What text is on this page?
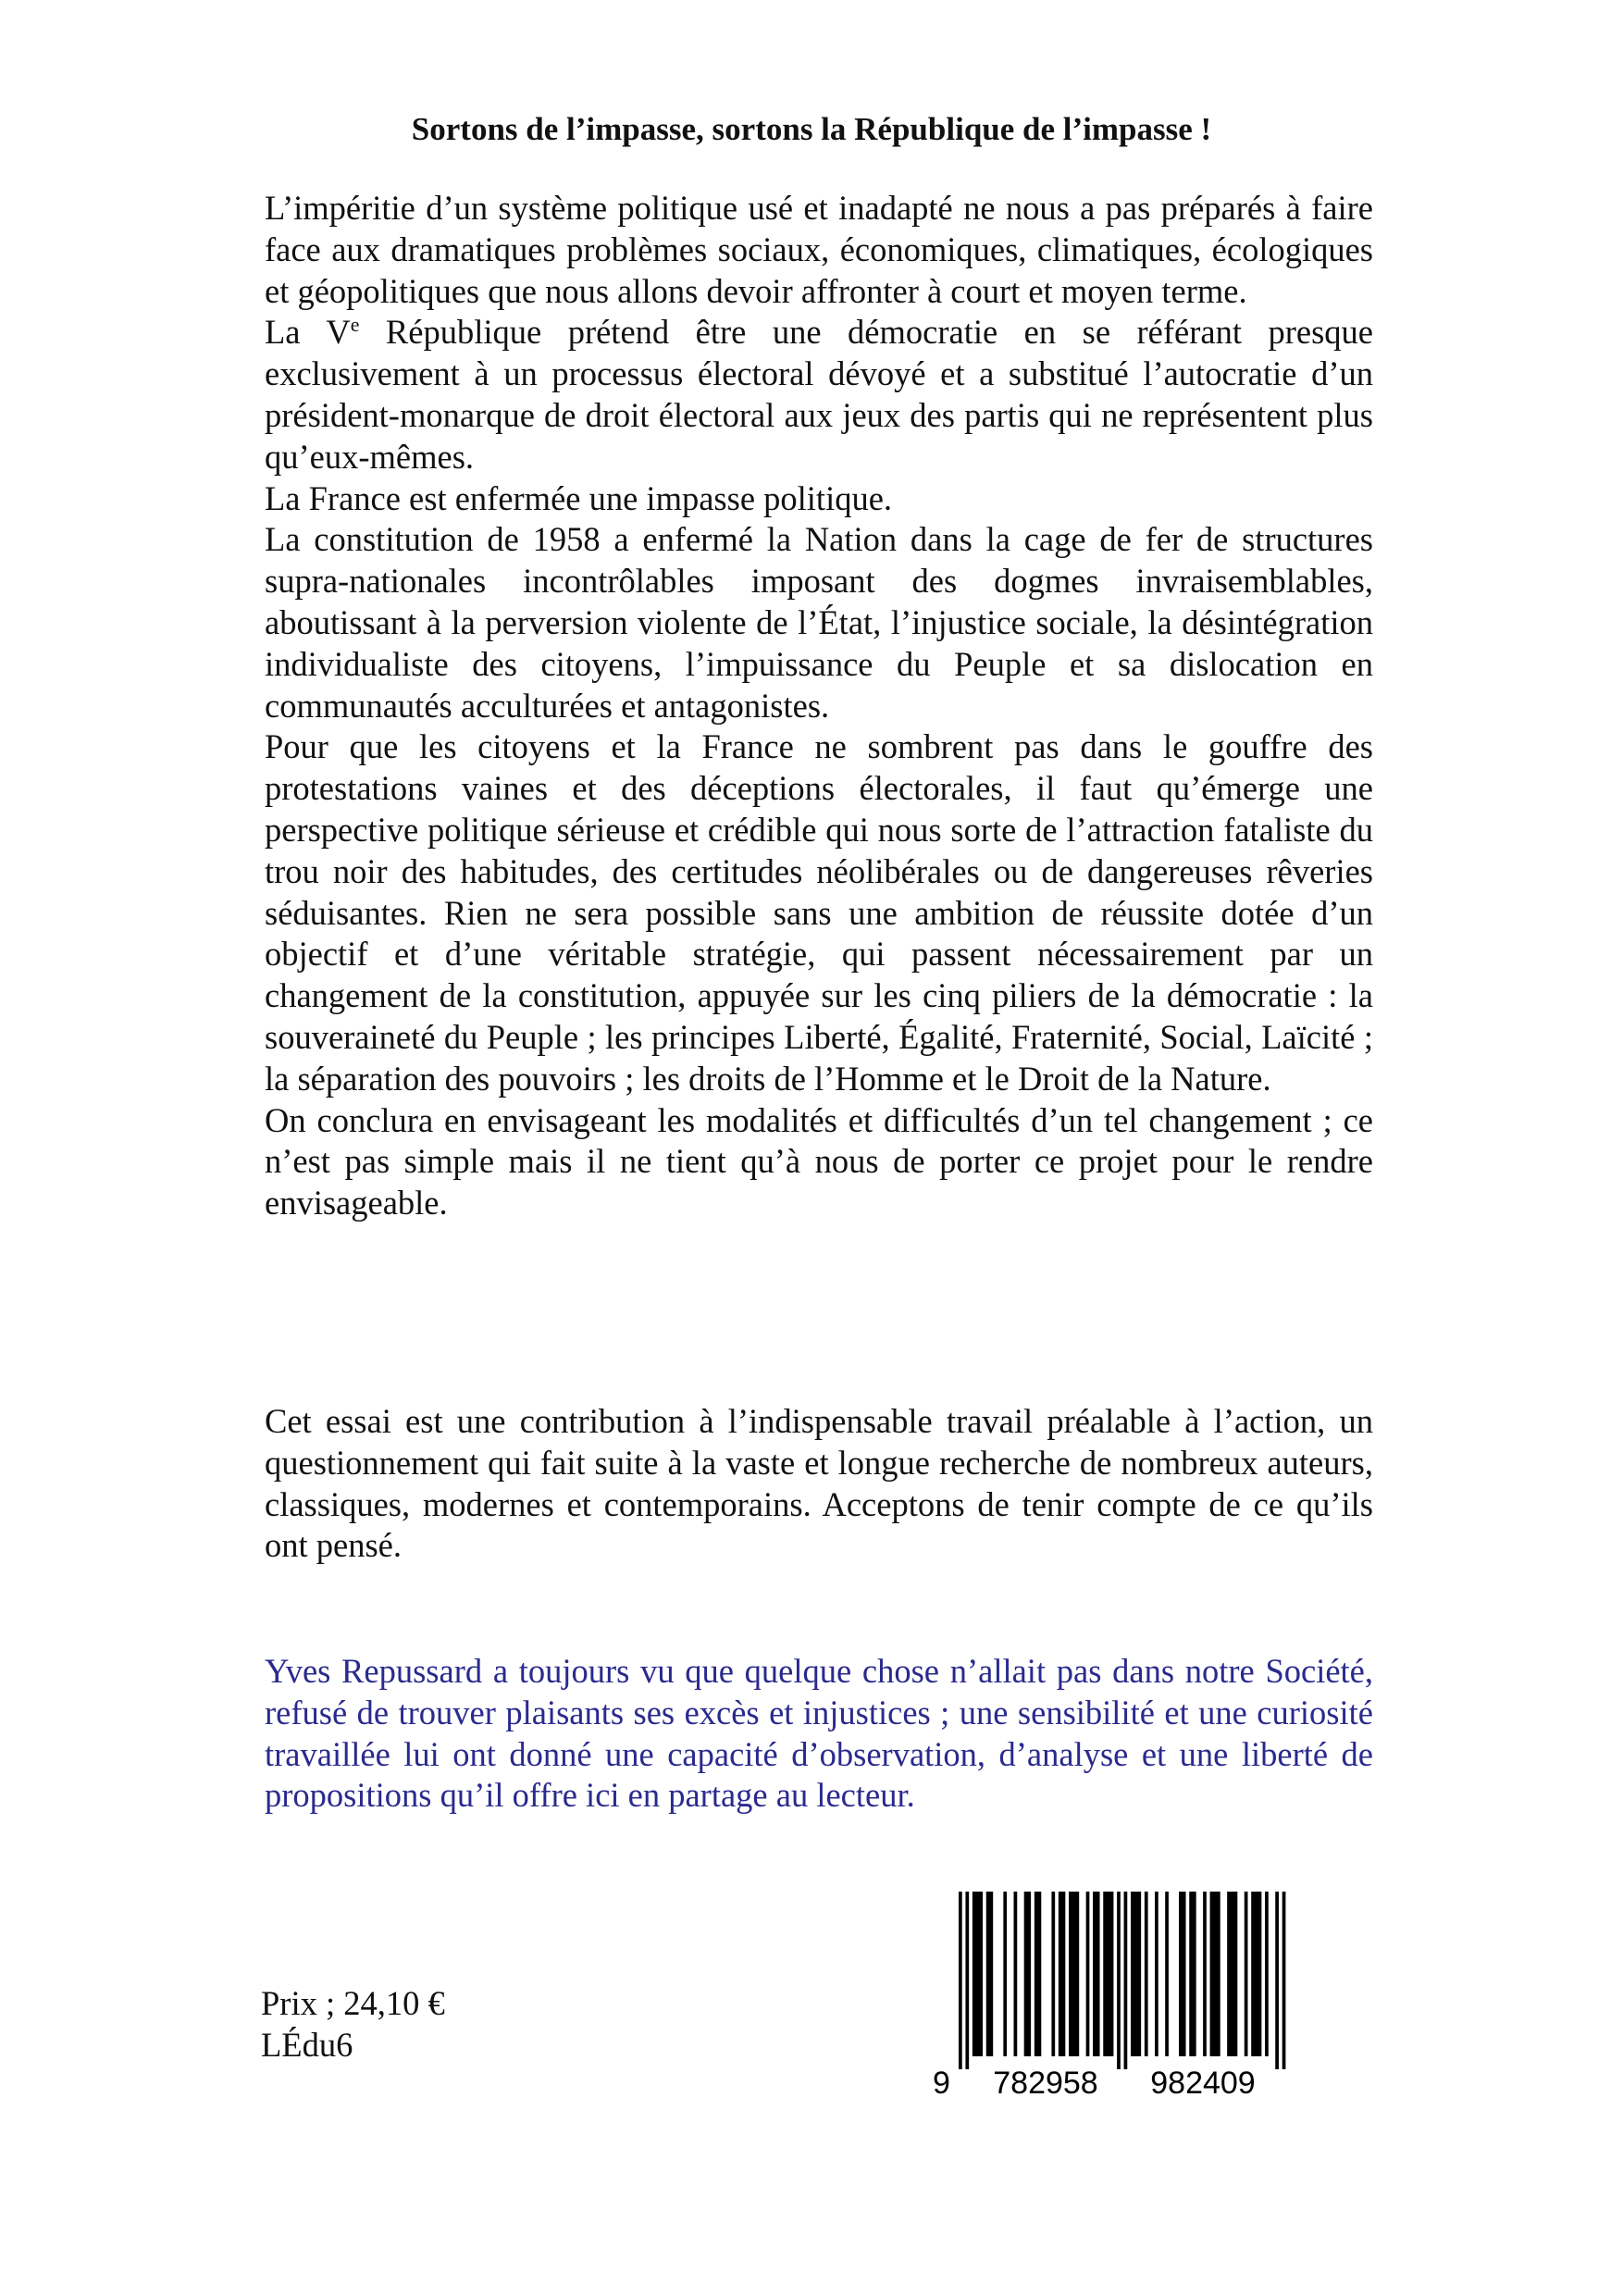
Sortons de l’impasse, sortons la République de l’impasse !

L’impéritie d’un système politique usé et inadapté ne nous a pas préparés à faire face aux dramatiques problèmes sociaux, économiques, climatiques, écologiques et géopolitiques que nous allons devoir affronter à court et moyen terme.

La Ve République prétend être une démocratie en se référant presque exclusivement à un processus électoral dévoyé et a substitué l’autocratie d’un président-monarque de droit électoral aux jeux des partis qui ne représentent plus qu’eux-mêmes.

La France est enfermée une impasse politique.

La constitution de 1958 a enfermé la Nation dans la cage de fer de structures supra-nationales incontrôlables imposant des dogmes invraisemblables, aboutissant à la perversion violente de l’État, l’injustice sociale, la désintégration individualiste des citoyens, l’impuissance du Peuple et sa dislocation en communautés acculturées et antagonistes.

Pour que les citoyens et la France ne sombrent pas dans le gouffre des protestations vaines et des déceptions électorales, il faut qu’émerge une perspective politique sérieuse et crédible qui nous sorte de l’attraction fataliste du trou noir des habitudes, des certitudes néolibérales ou de dangereuses rêveries séduisantes. Rien ne sera possible sans une ambition de réussite dotée d’un objectif et d’une véritable stratégie, qui passent nécessairement par un changement de la constitution, appuyée sur les cinq piliers de la démocratie : la souveraineté du Peuple ; les principes Liberté, Égalité, Fraternité, Social, Laïcité ; la séparation des pouvoirs ; les droits de l’Homme et le Droit de la Nature.

On conclura en envisageant les modalités et difficultés d’un tel changement ; ce n’est pas simple mais il ne tient qu’à nous de porter ce projet pour le rendre envisageable.

Cet essai est une contribution à l’indispensable travail préalable à l’action, un questionnement qui fait suite à la vaste et longue recherche de nombreux auteurs, classiques, modernes et contemporains. Acceptons de tenir compte de ce qu’ils ont pensé.

Yves Repussard a toujours vu que quelque chose n’allait pas dans notre Société, refusé de trouver plaisants ses excès et injustices ; une sensibilité et une curiosité travaillée lui ont donné une capacité d’observation, d’analyse et une liberté de propositions qu’il offre ici en partage au lecteur.

Prix ; 24,10 €
LÉdu6
9 782958 982409
